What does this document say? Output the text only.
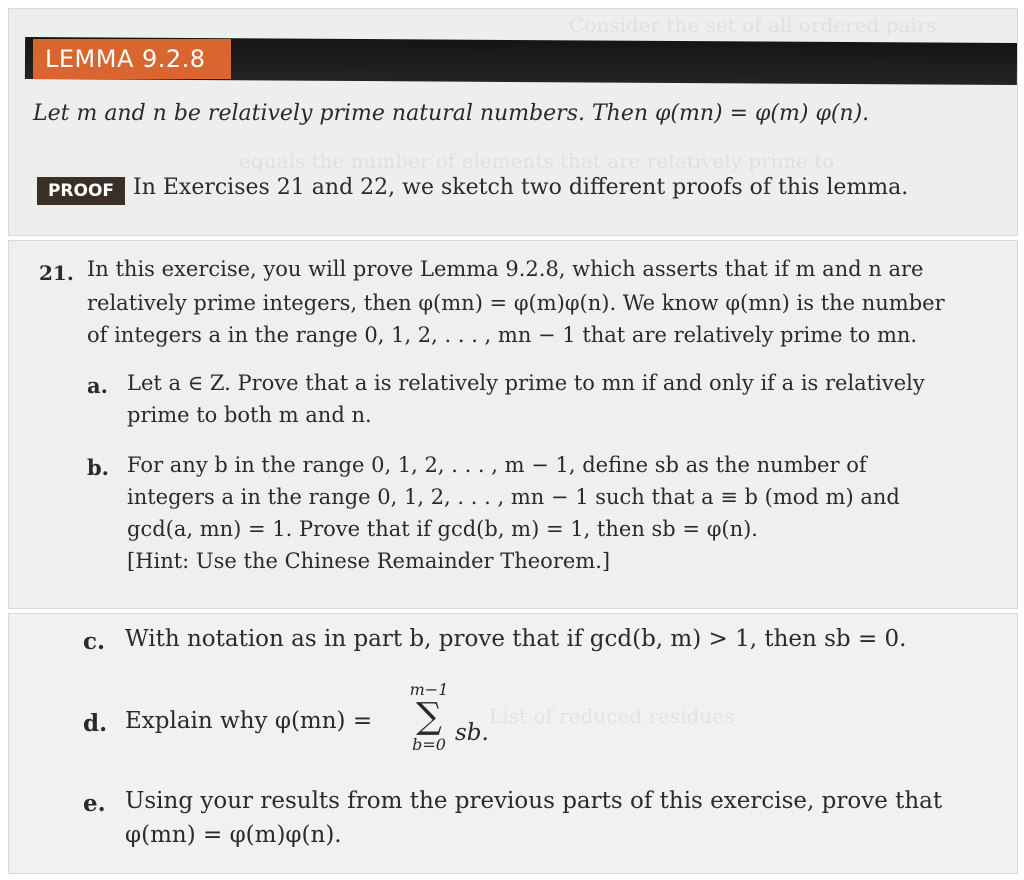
Consider the set of all ordered pairs
LEMMA 9.2.8
Let m and n be relatively prime natural numbers. Then φ(mn) = φ(m) φ(n).
equals the number of elements that are relatively prime to
PROOF In Exercises 21 and 22, we sketch two different proofs of this lemma.
21. In this exercise, you will prove Lemma 9.2.8, which asserts that if m and n are
relatively prime integers, then φ(mn) = φ(m)φ(n). We know φ(mn) is the number
of integers a in the range 0, 1, 2, . . . , mn − 1 that are relatively prime to mn.
a. Let a ∈ Z. Prove that a is relatively prime to mn if and only if a is relatively
prime to both m and n.
b. For any b in the range 0, 1, 2, . . . , m − 1, define sb as the number of
integers a in the range 0, 1, 2, . . . , mn − 1 such that a ≡ b (mod m) and
gcd(a, mn) = 1. Prove that if gcd(b, m) = 1, then sb = φ(n).
[Hint: Use the Chinese Remainder Theorem.]
c. With notation as in part b, prove that if gcd(b, m) > 1, then sb = 0.
d. Explain why φ(mn) =
m−1
∑
b=0 sb.
e. Using your results from the previous parts of this exercise, prove that
φ(mn) = φ(m)φ(n).
List of reduced residues
